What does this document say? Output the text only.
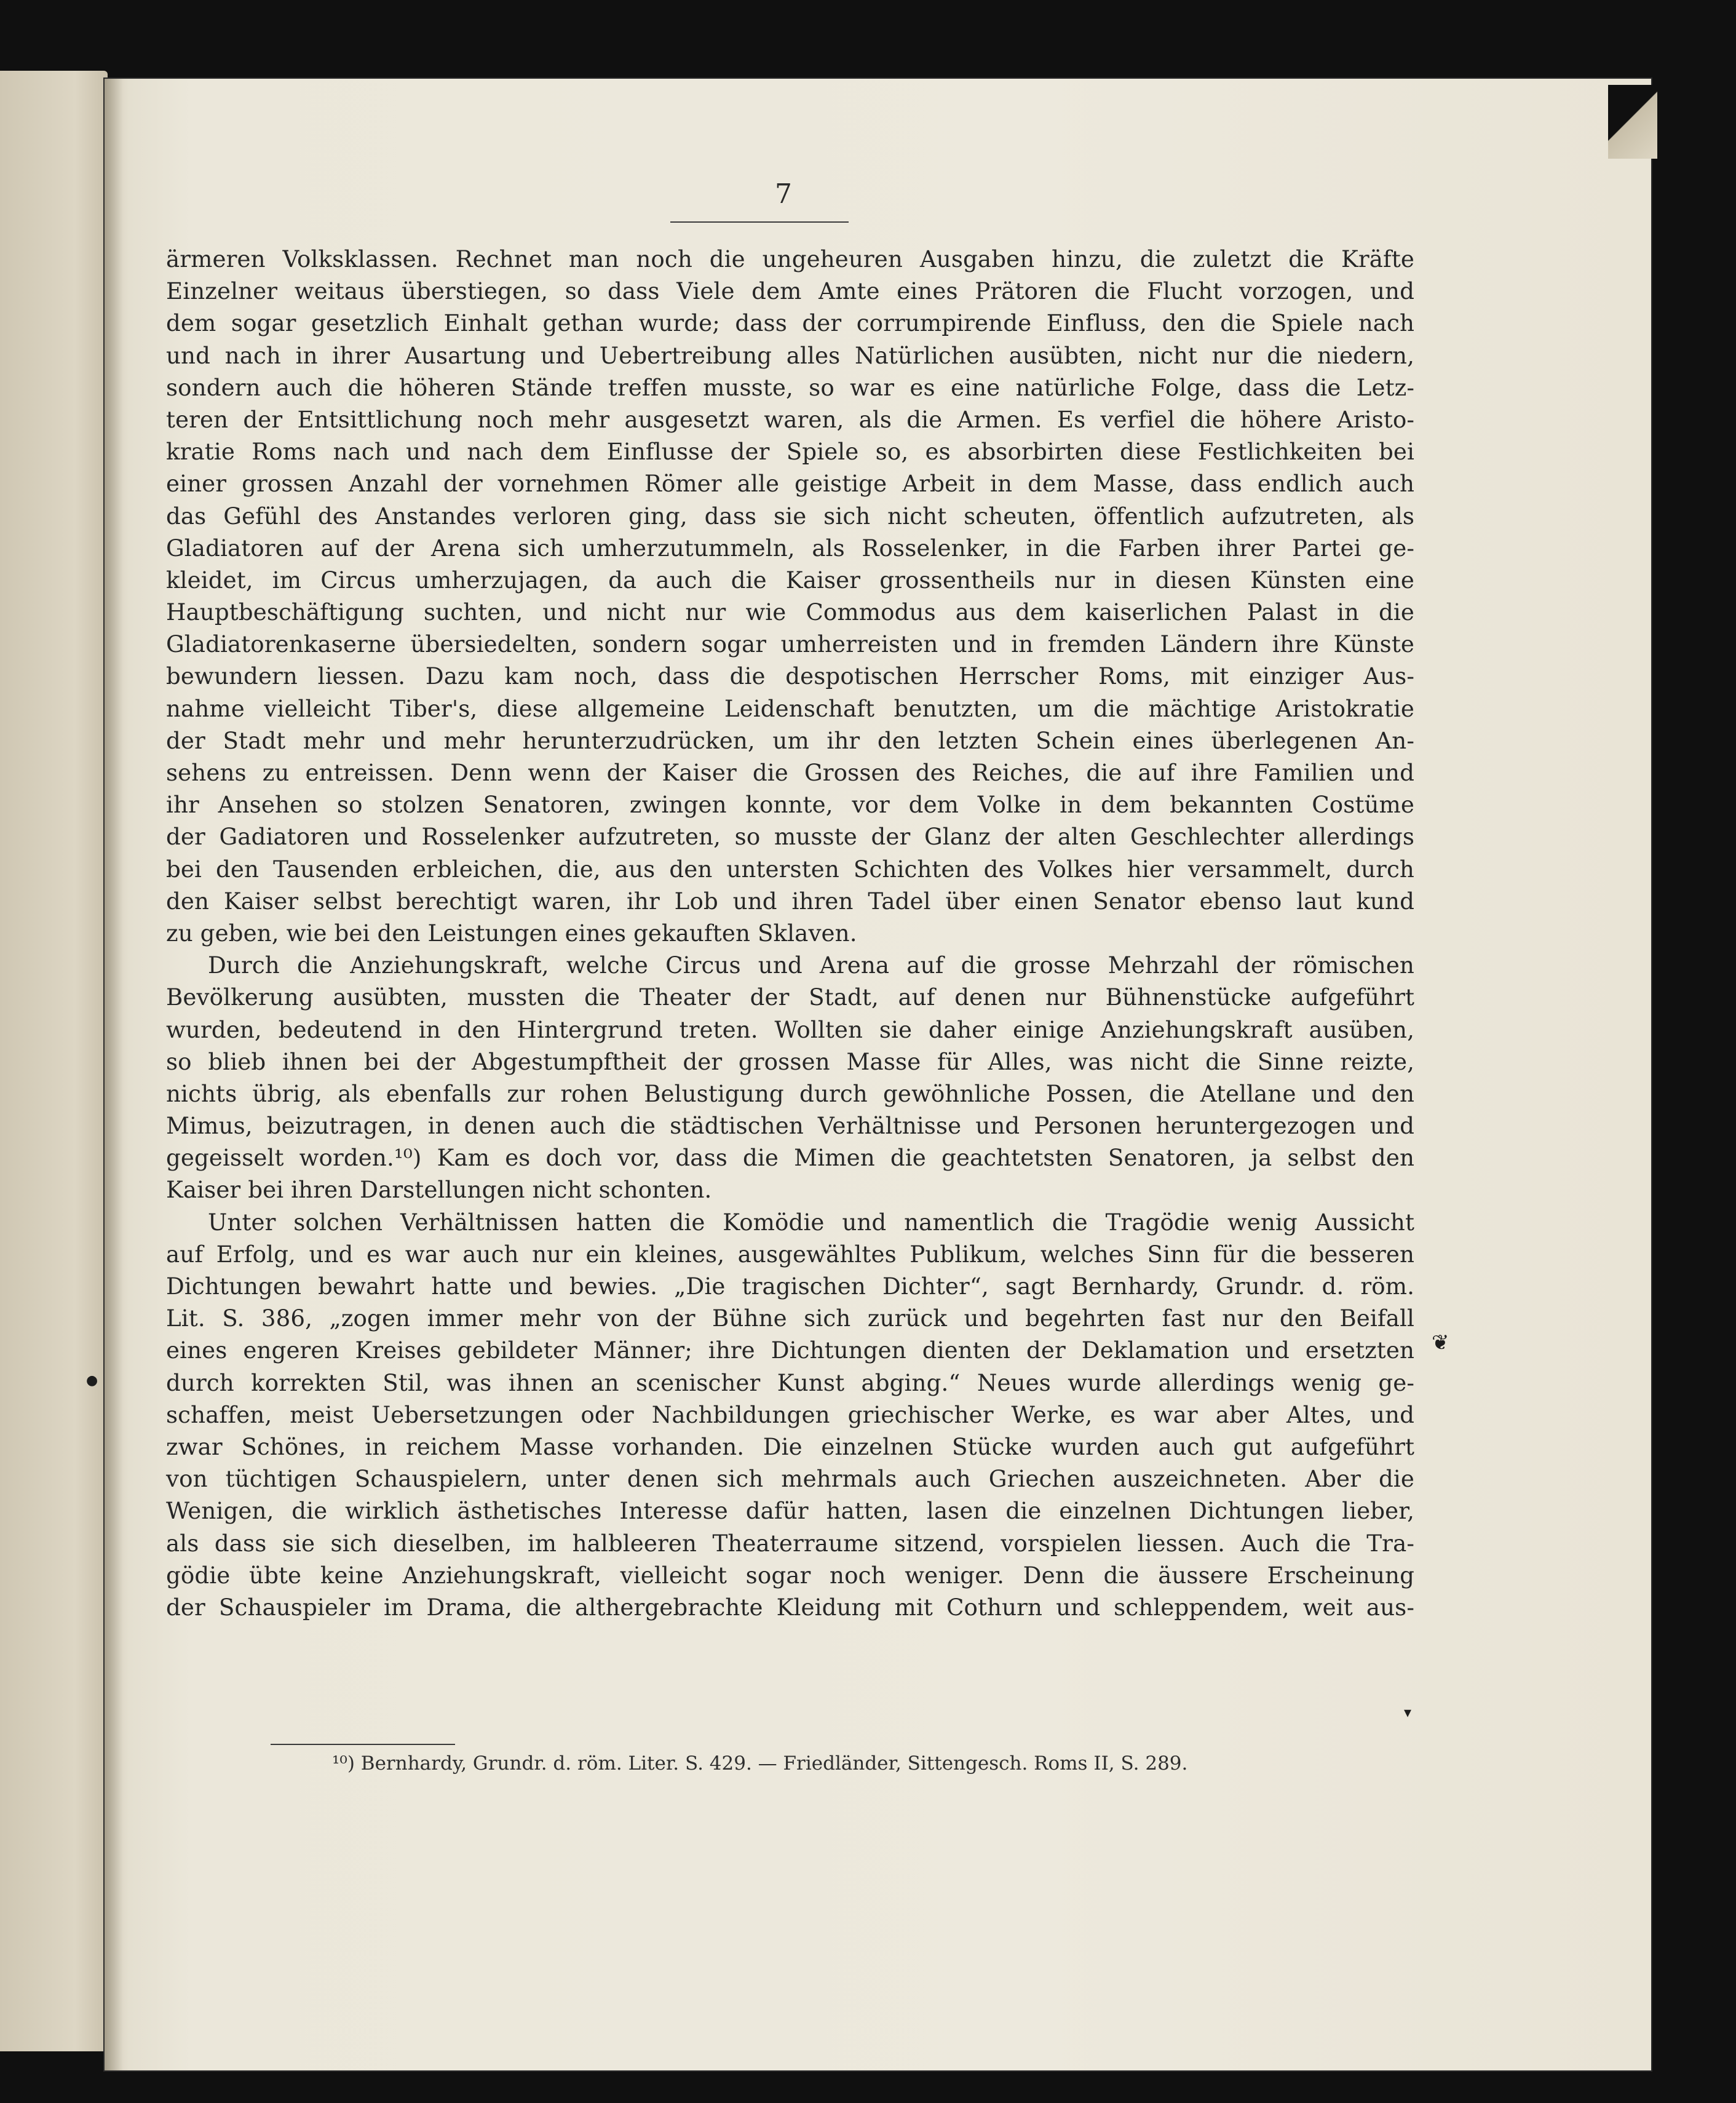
7
ärmeren Volksklassen. Rechnet man noch die ungeheuren Ausgaben hinzu, die zuletzt die Kräfte
Einzelner weitaus überstiegen, so dass Viele dem Amte eines Prätoren die Flucht vorzogen, und
dem sogar gesetzlich Einhalt gethan wurde; dass der corrumpirende Einfluss, den die Spiele nach
und nach in ihrer Ausartung und Uebertreibung alles Natürlichen ausübten, nicht nur die niedern,
sondern auch die höheren Stände treffen musste, so war es eine natürliche Folge, dass die Letz-
teren der Entsittlichung noch mehr ausgesetzt waren, als die Armen. Es verfiel die höhere Aristo-
kratie Roms nach und nach dem Einflusse der Spiele so, es absorbirten diese Festlichkeiten bei
einer grossen Anzahl der vornehmen Römer alle geistige Arbeit in dem Masse, dass endlich auch
das Gefühl des Anstandes verloren ging, dass sie sich nicht scheuten, öffentlich aufzutreten, als
Gladiatoren auf der Arena sich umherzutummeln, als Rosselenker, in die Farben ihrer Partei ge-
kleidet, im Circus umherzujagen, da auch die Kaiser grossentheils nur in diesen Künsten eine
Hauptbeschäftigung suchten, und nicht nur wie Commodus aus dem kaiserlichen Palast in die
Gladiatorenkaserne übersiedelten, sondern sogar umherreisten und in fremden Ländern ihre Künste
bewundern liessen. Dazu kam noch, dass die despotischen Herrscher Roms, mit einziger Aus-
nahme vielleicht Tiber's, diese allgemeine Leidenschaft benutzten, um die mächtige Aristokratie
der Stadt mehr und mehr herunterzudrücken, um ihr den letzten Schein eines überlegenen An-
sehens zu entreissen. Denn wenn der Kaiser die Grossen des Reiches, die auf ihre Familien und
ihr Ansehen so stolzen Senatoren, zwingen konnte, vor dem Volke in dem bekannten Costüme
der Gadiatoren und Rosselenker aufzutreten, so musste der Glanz der alten Geschlechter allerdings
bei den Tausenden erbleichen, die, aus den untersten Schichten des Volkes hier versammelt, durch
den Kaiser selbst berechtigt waren, ihr Lob und ihren Tadel über einen Senator ebenso laut kund
zu geben, wie bei den Leistungen eines gekauften Sklaven.
Durch die Anziehungskraft, welche Circus und Arena auf die grosse Mehrzahl der römischen
Bevölkerung ausübten, mussten die Theater der Stadt, auf denen nur Bühnenstücke aufgeführt
wurden, bedeutend in den Hintergrund treten. Wollten sie daher einige Anziehungskraft ausüben,
so blieb ihnen bei der Abgestumpftheit der grossen Masse für Alles, was nicht die Sinne reizte,
nichts übrig, als ebenfalls zur rohen Belustigung durch gewöhnliche Possen, die Atellane und den
Mimus, beizutragen, in denen auch die städtischen Verhältnisse und Personen heruntergezogen und
gegeisselt worden.¹⁰) Kam es doch vor, dass die Mimen die geachtetsten Senatoren, ja selbst den
Kaiser bei ihren Darstellungen nicht schonten.
Unter solchen Verhältnissen hatten die Komödie und namentlich die Tragödie wenig Aussicht
auf Erfolg, und es war auch nur ein kleines, ausgewähltes Publikum, welches Sinn für die besseren
Dichtungen bewahrt hatte und bewies. „Die tragischen Dichter“, sagt Bernhardy, Grundr. d. röm.
Lit. S. 386, „zogen immer mehr von der Bühne sich zurück und begehrten fast nur den Beifall
eines engeren Kreises gebildeter Männer; ihre Dichtungen dienten der Deklamation und ersetzten
durch korrekten Stil, was ihnen an scenischer Kunst abging.“ Neues wurde allerdings wenig ge-
schaffen, meist Uebersetzungen oder Nachbildungen griechischer Werke, es war aber Altes, und
zwar Schönes, in reichem Masse vorhanden. Die einzelnen Stücke wurden auch gut aufgeführt
von tüchtigen Schauspielern, unter denen sich mehrmals auch Griechen auszeichneten. Aber die
Wenigen, die wirklich ästhetisches Interesse dafür hatten, lasen die einzelnen Dichtungen lieber,
als dass sie sich dieselben, im halbleeren Theaterraume sitzend, vorspielen liessen. Auch die Tra-
gödie übte keine Anziehungskraft, vielleicht sogar noch weniger. Denn die äussere Erscheinung
der Schauspieler im Drama, die althergebrachte Kleidung mit Cothurn und schleppendem, weit aus-
❦
●
▾
¹⁰) Bernhardy, Grundr. d. röm. Liter. S. 429. — Friedländer, Sittengesch. Roms II, S. 289.
